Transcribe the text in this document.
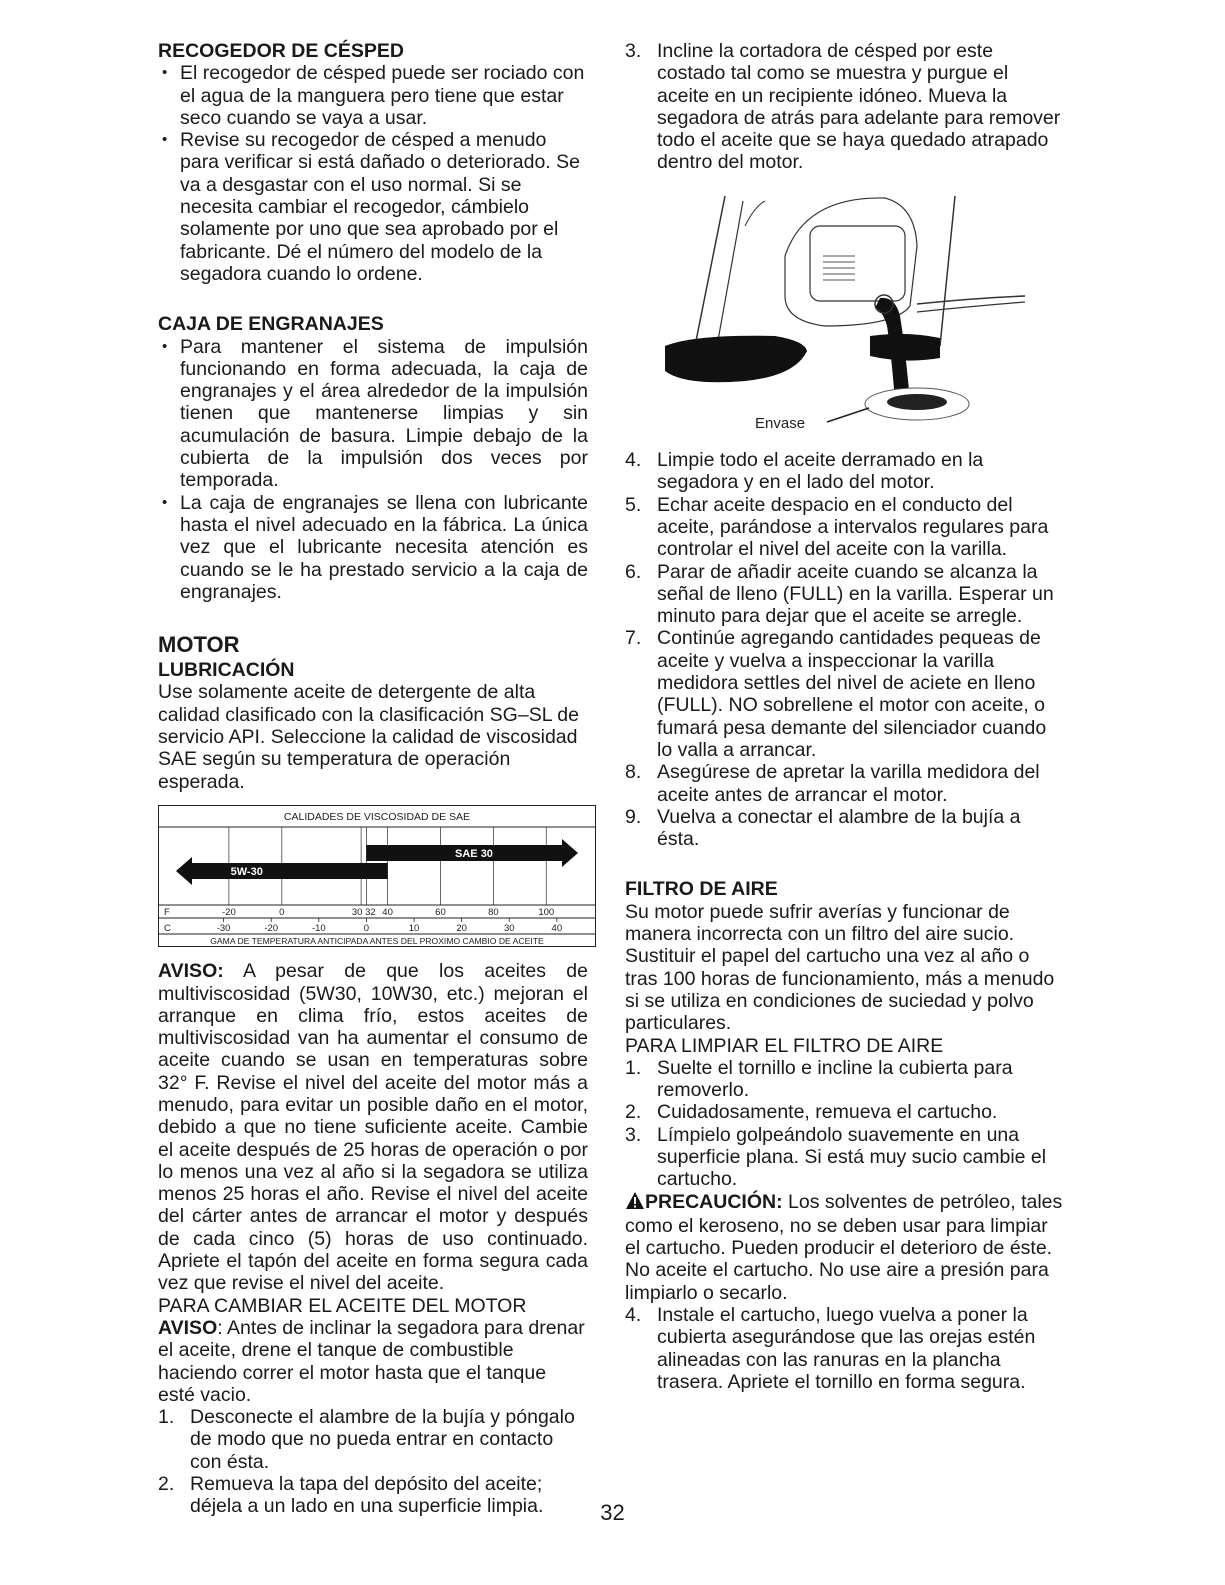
RECOGEDOR DE CÉSPED
• El recogedor de césped puede ser rociado con el agua de la manguera pero tiene que estar seco cuando se vaya a usar.
• Revise su recogedor de césped a menudo para verificar si está dañado o deteriorado. Se va a desgastar con el uso normal. Si se necesita cambiar el recogedor, cámbielo solamente por uno que sea aprobado por el fabricante. Dé el número del modelo de la segadora cuando lo ordene.
CAJA DE ENGRANAJES
• Para mantener el sistema de impulsión funcionando en forma adecuada, la caja de engranajes y el área alrededor de la impulsión tienen que mantenerse limpias y sin acumulación de basura. Limpie debajo de la cubierta de la impulsión dos veces por temporada.
• La caja de engranajes se llena con lubricante hasta el nivel adecuado en la fábrica. La única vez que el lubricante necesita atención es cuando se le ha prestado servicio a la caja de engranajes.
MOTOR
LUBRICACIÓN

Use solamente aceite de detergente de alta calidad clasificado con la clasificación SG–SL de servicio API. Seleccione la calidad de viscosidad SAE según su temperatura de operación esperada.

CALIDADES DE VISCOSIDAD DE SAE
5W-30
SAE 30
F	-20	0	30 32 40	60	80	100
C	-30	-20	-10	0	10	20	30	40
GAMA DE TEMPERATURA ANTICIPADA ANTES DEL PROXIMO CAMBIO DE ACEITE

AVISO: A pesar de que los aceites de multiviscosidad (5W30, 10W30, etc.) mejoran el arranque en clima frío, estos aceites de multiviscosidad van ha aumentar el consumo de aceite cuando se usan en temperaturas sobre 32° F. Revise el nivel del aceite del motor más a menudo, para evitar un posible daño en el motor, debido a que no tiene suficiente aceite. Cambie el aceite después de 25 horas de operación o por lo menos una vez al año si la segadora se utiliza menos 25 horas el año. Revise el nivel del aceite del cárter antes de arrancar el motor y después de cada cinco (5) horas de uso continuado. Apriete el tapón del aceite en forma segura cada vez que revise el nivel del aceite.

PARA CAMBIAR EL ACEITE DEL MOTOR

AVISO: Antes de inclinar la segadora para drenar el aceite, drene el tanque de combustible haciendo correr el motor hasta que el tanque esté vacio.

1. Desconecte el alambre de la bujía y póngalo de modo que no pueda entrar en contacto con ésta.
2. Remueva la tapa del depósito del aceite; déjela a un lado en una superficie limpia.
3. Incline la cortadora de césped por este costado tal como se muestra y purgue el aceite en un recipiente idóneo. Mueva la segadora de atrás para adelante para remover todo el aceite que se haya quedado atrapado dentro del motor.
Envase
4. Limpie todo el aceite derramado en la segadora y en el lado del motor.
5. Echar aceite despacio en el conducto del aceite, parándose a intervalos regulares para controlar el nivel del aceite con la varilla.
6. Parar de añadir aceite cuando se alcanza la señal de lleno (FULL) en la varilla. Esperar un minuto para dejar que el aceite se arregle.
7. Continúe agregando cantidades pequeas de aceite y vuelva a inspeccionar la varilla medidora settles del nivel de aciete en lleno (FULL). NO sobrellene el motor con aceite, o fumará pesa demante del silenciador cuando lo valla a arrancar.
8. Asegúrese de apretar la varilla medidora del aceite antes de arrancar el motor.
9. Vuelva a conectar el alambre de la bujía a ésta.
FILTRO DE AIRE

Su motor puede sufrir averías y funcionar de manera incorrecta con un filtro del aire sucio. Sustituir el papel del cartucho una vez al año o tras 100 horas de funcionamiento, más a menudo si se utiliza en condiciones de suciedad y polvo particulares.

PARA LIMPIAR EL FILTRO DE AIRE

1. Suelte el tornillo e incline la cubierta para removerlo.
2. Cuidadosamente, remueva el cartucho.
3. Límpielo golpeándolo suavemente en una superficie plana. Si está muy sucio cambie el cartucho.

PRECAUCIÓN: Los solventes de petróleo, tales como el keroseno, no se deben usar para limpiar el cartucho. Pueden producir el deterioro de éste. No aceite el cartucho. No use aire a presión para limpiarlo o secarlo.

4. Instale el cartucho, luego vuelva a poner la cubierta asegurándose que las orejas estén alineadas con las ranuras en la plancha trasera. Apriete el tornillo en forma segura.
32
